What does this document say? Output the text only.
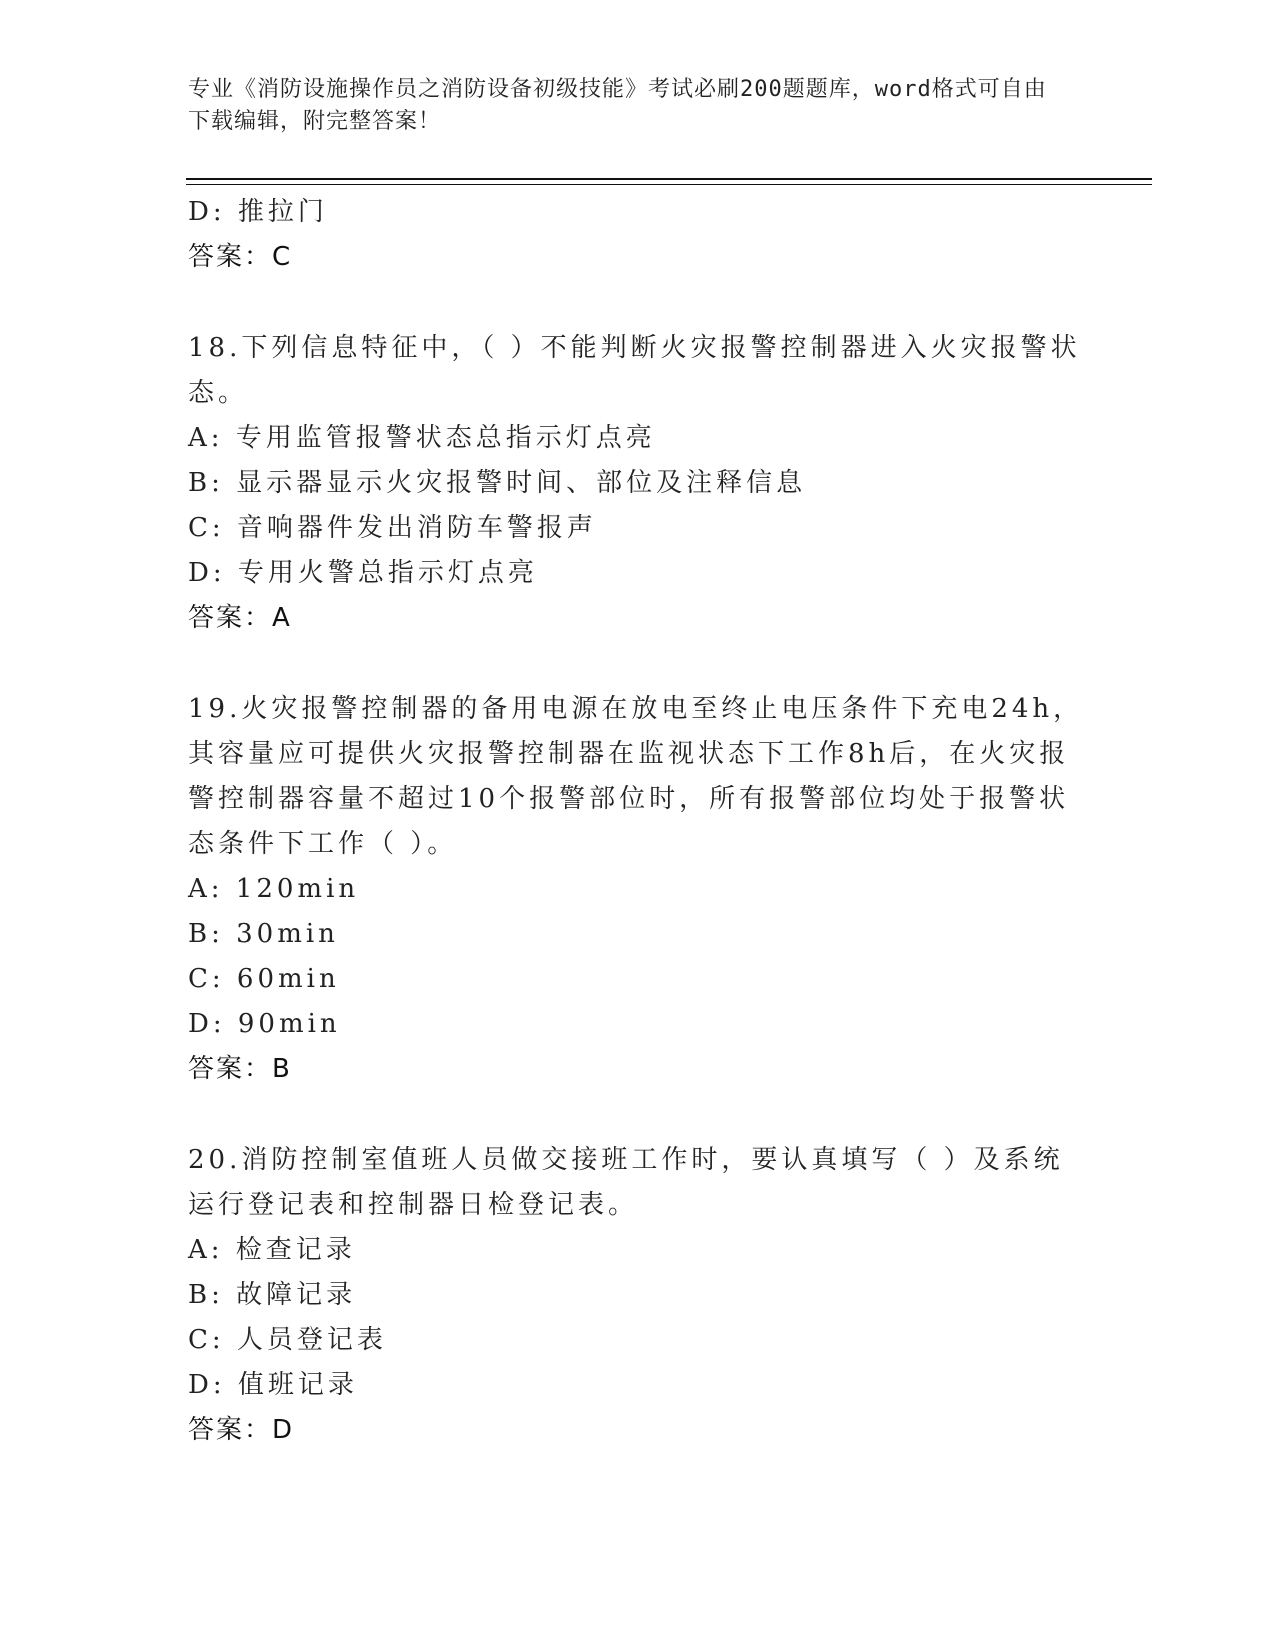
专业《消防设施操作员之消防设备初级技能》考试必刷200题题库，word格式可自由下载编辑，附完整答案！
D: 推拉门
答案：C
18.下列信息特征中，（ ）不能判断火灾报警控制器进入火灾报警状态。
A: 专用监管报警状态总指示灯点亮
B: 显示器显示火灾报警时间、部位及注释信息
C: 音响器件发出消防车警报声
D: 专用火警总指示灯点亮
答案：A
19.火灾报警控制器的备用电源在放电至终止电压条件下充电24h，其容量应可提供火灾报警控制器在监视状态下工作8h后，在火灾报警控制器容量不超过10个报警部位时，所有报警部位均处于报警状态条件下工作（ ）。
A: 120min
B: 30min
C: 60min
D: 90min
答案：B
20.消防控制室值班人员做交接班工作时，要认真填写（ ）及系统运行登记表和控制器日检登记表。
A: 检查记录
B: 故障记录
C: 人员登记表
D: 值班记录
答案：D
